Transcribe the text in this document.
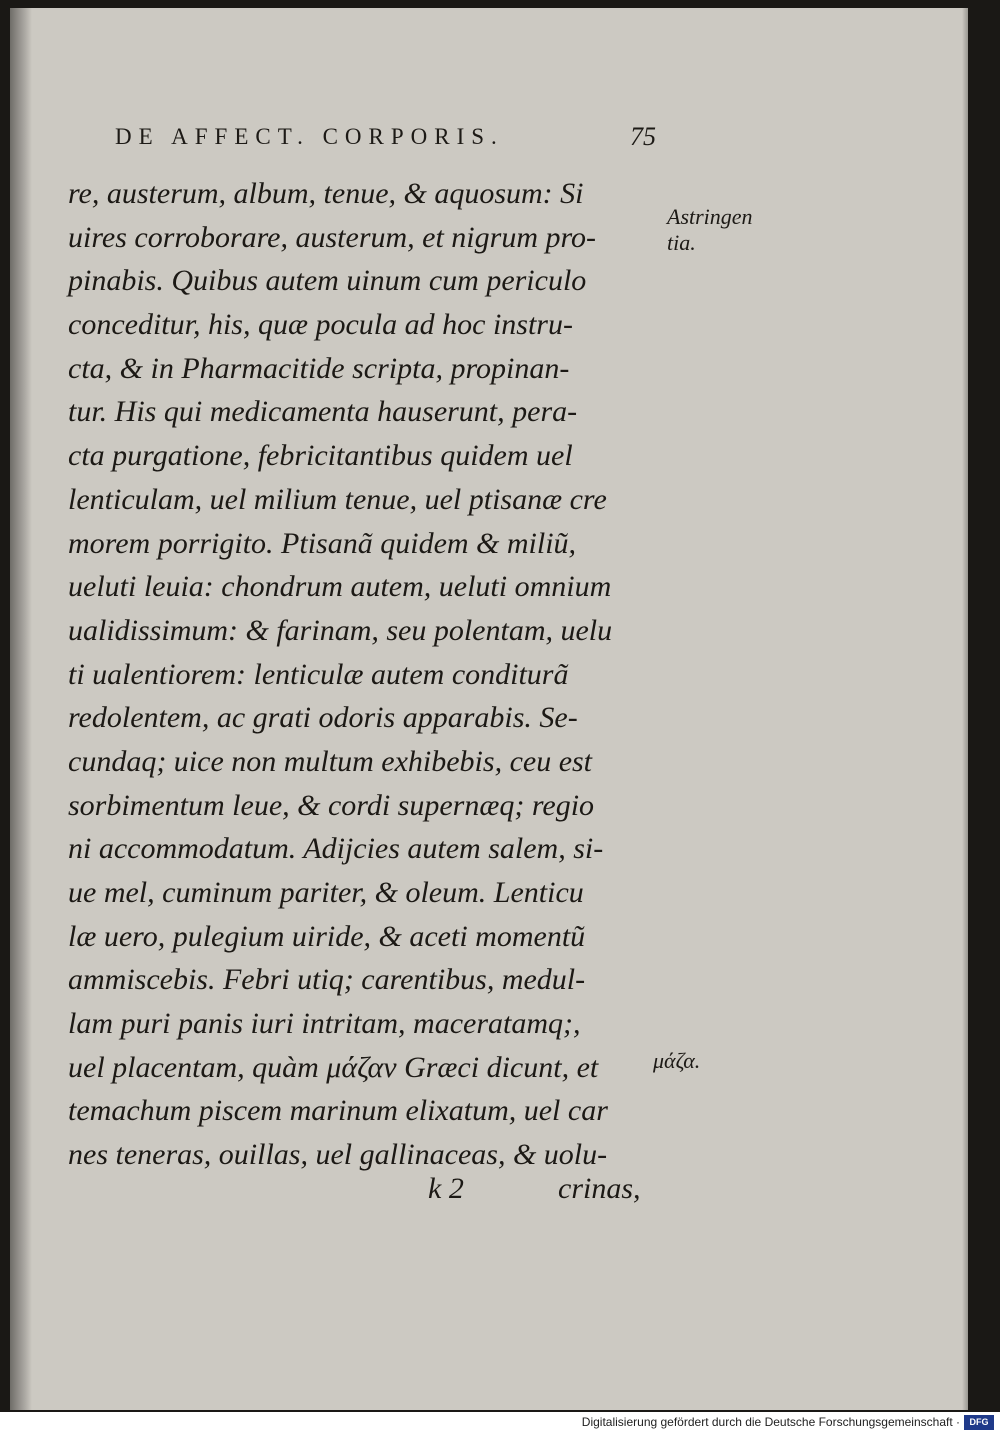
DE AFFECT. CORPORIS.	75
re, austerum, album, tenue, & aquosum: Si
uires corroborare, austerum, et nigrum pro-
pinabis. Quibus autem uinum cum periculo
conceditur, his, quæ pocula ad hoc instru-
cta, & in Pharmacitide scripta, propinan-
tur. His qui medicamenta hauserunt, pera-
cta purgatione, febricitantibus quidem uel
lenticulam, uel milium tenue, uel ptisanæ cre
morem porrigito. Ptisanã quidem & miliũ,
ueluti leuia: chondrum autem, ueluti omnium
ualidissimum: & farinam, seu polentam, uelu
ti ualentiorem: lenticulæ autem conditurã
redolentem, ac grati odoris apparabis. Se-
cundaq; uice non multum exhibebis, ceu est
sorbimentum leue, & cordi supernæq; regio
ni accommodatum. Adijcies autem salem, si-
ue mel, cuminum pariter, & oleum. Lenticu
læ uero, pulegium uiride, & aceti momentũ
ammiscebis. Febri utiq; carentibus, medul-
lam puri panis iuri intritam, maceratamq;,
uel placentam, quàm μάζαν Græci dicunt, et
temachum piscem marinum elixatum, uel car
nes teneras, ouillas, uel gallinaceas, & uolu-
Astringen
tia.
μάζα.
k 2	crinas,
Digitalisierung gefördert durch die Deutsche Forschungsgemeinschaft ·	DFG
